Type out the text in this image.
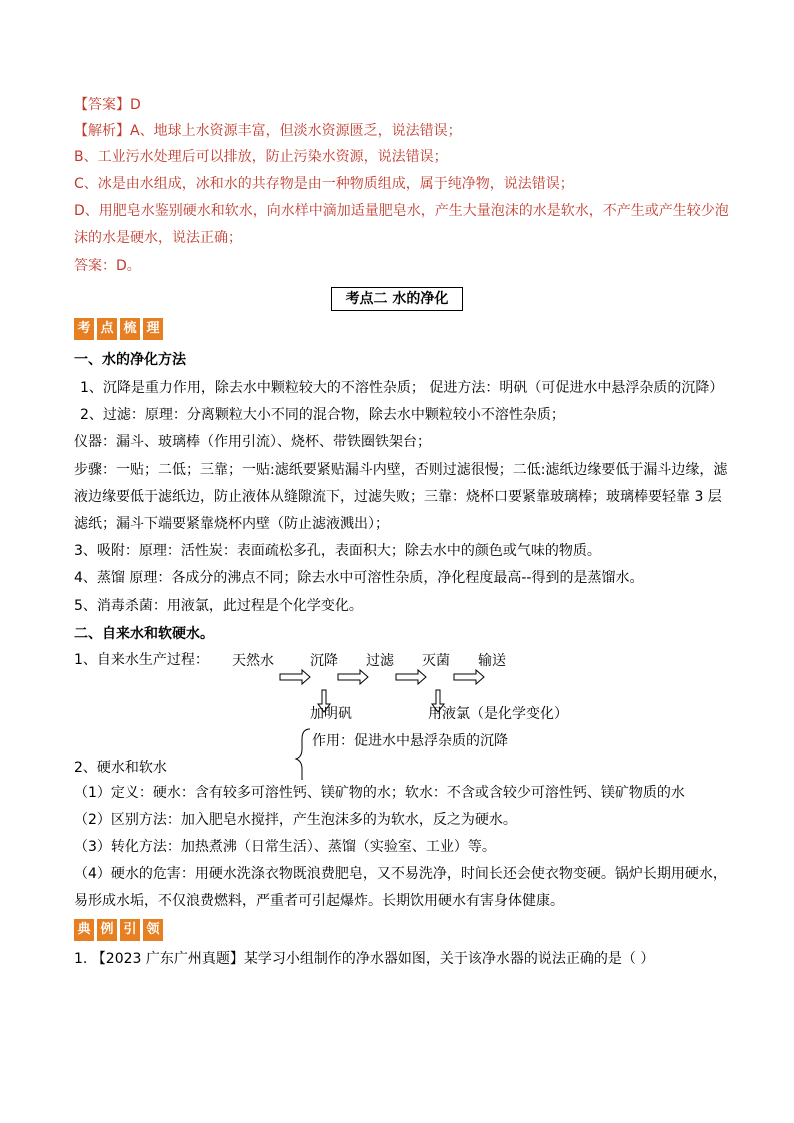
【答案】D
【解析】A、地球上水资源丰富，但淡水资源匮乏，说法错误；
B、工业污水处理后可以排放，防止污染水资源，说法错误；
C、冰是由水组成，冰和水的共存物是由一种物质组成，属于纯净物，说法错误；
D、用肥皂水鉴别硬水和软水，向水样中滴加适量肥皂水，产生大量泡沫的水是软水，不产生或产生较少泡
沫的水是硬水，说法正确；
答案：D。
考点二 水的净化
考 点 梳 理
一、水的净化方法
1、沉降是重力作用，除去水中颗粒较大的不溶性杂质； 促进方法：明矾（可促进水中悬浮杂质的沉降）
2、过滤：原理：分离颗粒大小不同的混合物，除去水中颗粒较小不溶性杂质；
仪器：漏斗、玻璃棒（作用引流）、烧杯、带铁圈铁架台；
步骤：一贴；二低；三靠；一贴:滤纸要紧贴漏斗内壁，否则过滤很慢；二低:滤纸边缘要低于漏斗边缘，滤
液边缘要低于滤纸边，防止液体从缝隙流下，过滤失败；三靠：烧杯口要紧靠玻璃棒；玻璃棒要轻靠 3 层
滤纸；漏斗下端要紧靠烧杯内壁（防止滤液溅出）；
3、吸附：原理：活性炭：表面疏松多孔，表面积大；除去水中的颜色或气味的物质。
4、蒸馏 原理：各成分的沸点不同；除去水中可溶性杂质，净化程度最高--得到的是蒸馏水。
5、消毒杀菌：用液氯，此过程是个化学变化。
二、自来水和软硬水。
1、自来水生产过程： 天然水	沉降 过滤 灭菌 输送
加明矾	用液氯（是化学变化）
作用：促进水中悬浮杂质的沉降
2、硬水和软水
（1）定义：硬水：含有较多可溶性钙、镁矿物的水；软水：不含或含较少可溶性钙、镁矿物质的水
（2）区别方法：加入肥皂水搅拌，产生泡沫多的为软水，反之为硬水。
（3）转化方法：加热煮沸（日常生活）、蒸馏（实验室、工业）等。
（4）硬水的危害：用硬水洗涤衣物既浪费肥皂，又不易洗净，时间长还会使衣物变硬。锅炉长期用硬水，
易形成水垢，不仅浪费燃料，严重者可引起爆炸。长期饮用硬水有害身体健康。
典 例 引 领
1. 【2023 广东广州真题】某学习小组制作的净水器如图，关于该净水器的说法正确的是（ ）
